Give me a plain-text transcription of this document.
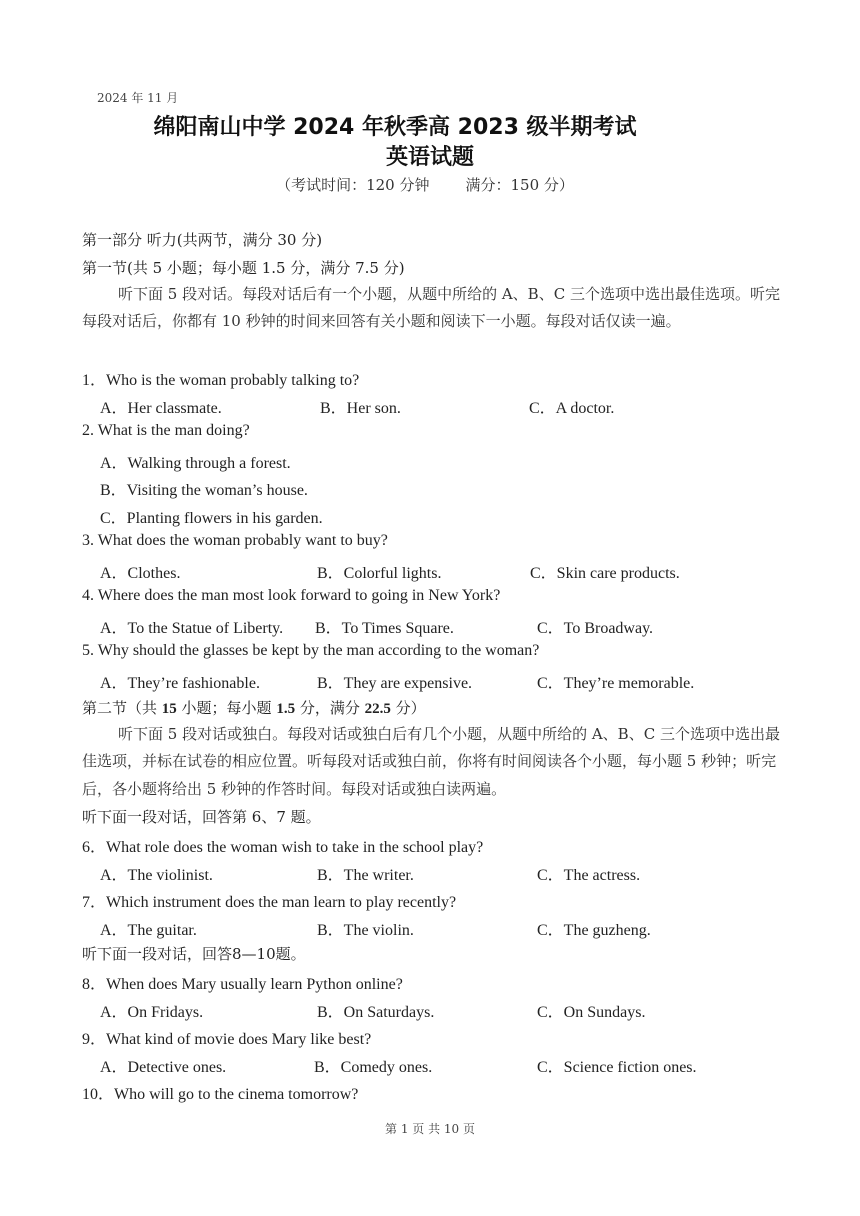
2024 年 11 月
绵阳南山中学 2024 年秋季高 2023 级半期考试
英语试题
（考试时间：120 分钟 满分：150 分）
第一部分 听力(共两节，满分 30 分)
第一节(共 5 小题；每小题 1.5 分，满分 7.5 分)
听下面 5 段对话。每段对话后有一个小题，从题中所给的 A、B、C 三个选项中选出最佳选项。听完每段对话后，你都有 10 秒钟的时间来回答有关小题和阅读下一小题。每段对话仅读一遍。
1．Who is the woman probably talking to?
A．Her classmate.	B．Her son.	C．A doctor.
2. What is the man doing?
A．Walking through a forest.
B．Visiting the woman’s house.
C．Planting flowers in his garden.
3. What does the woman probably want to buy?
A．Clothes.	B．Colorful lights.	C．Skin care products.
4. Where does the man most look forward to going in New York?
A．To the Statue of Liberty. B．To Times Square.	C．To Broadway.
5. Why should the glasses be kept by the man according to the woman?
A．They’re fashionable.	B．They are expensive.	C．They’re memorable.
第二节（共 15 小题；每小题 1.5 分，满分 22.5 分）
听下面 5 段对话或独白。每段对话或独白后有几个小题，从题中所给的 A、B、C 三个选项中选出最佳选项，并标在试卷的相应位置。听每段对话或独白前，你将有时间阅读各个小题，每小题 5 秒钟；听完后，各小题将给出 5 秒钟的作答时间。每段对话或独白读两遍。
听下面一段对话，回答第 6、7 题。
6．What role does the woman wish to take in the school play?
A．The violinist.	B．The writer.	C．The actress.
7．Which instrument does the man learn to play recently?
A．The guitar.	B．The violin.	C．The guzheng.
听下面一段对话，回答8—10题。
8．When does Mary usually learn Python online?
A．On Fridays.	B．On Saturdays.	C．On Sundays.
9．What kind of movie does Mary like best?
A．Detective ones.	B．Comedy ones.	C．Science fiction ones.
10．Who will go to the cinema tomorrow?
第 1 页 共 10 页
